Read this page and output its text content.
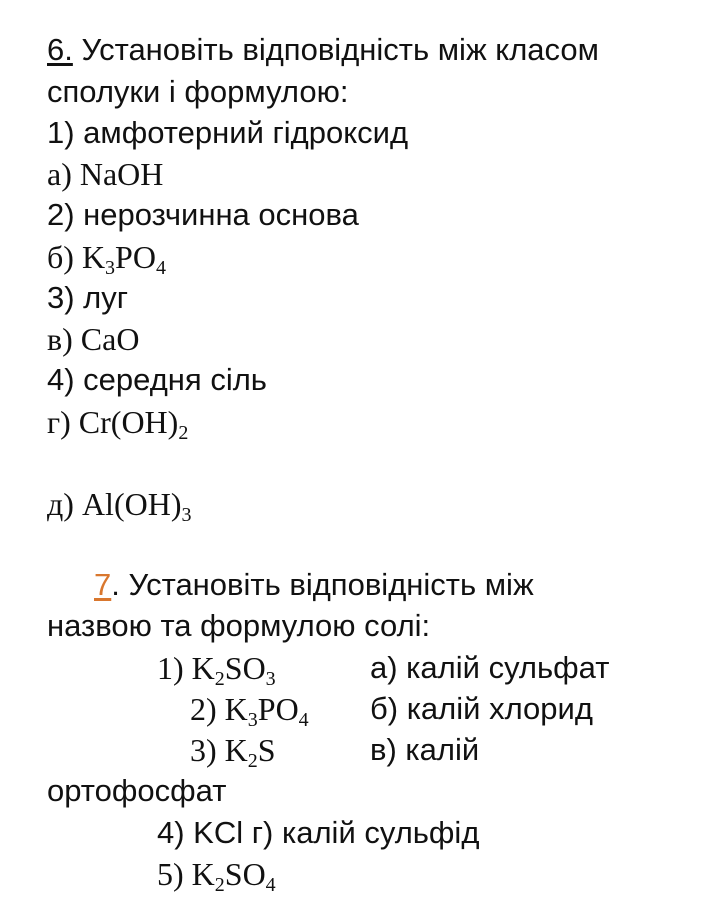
6. Установіть відповідність між класом
сполуки і формулою:
1) амфотерний гідроксид
а) NaOH
2) нерозчинна основа
б) $K_3PO_4$
3) луг
в) CaO
4) середня сіль
г) $Cr(OH)_2$
д) $Al(OH)_3$
7. Установіть відповідність між
назвою та формулою солі:
1) $K_2SO_3$	а) калій сульфат
2) $K_3PO_4$ б) калій хлорид
3) $K_2S$	в) калій
ортофосфат
4) KCl г) калій сульфід
5) $K_2SO_4$
